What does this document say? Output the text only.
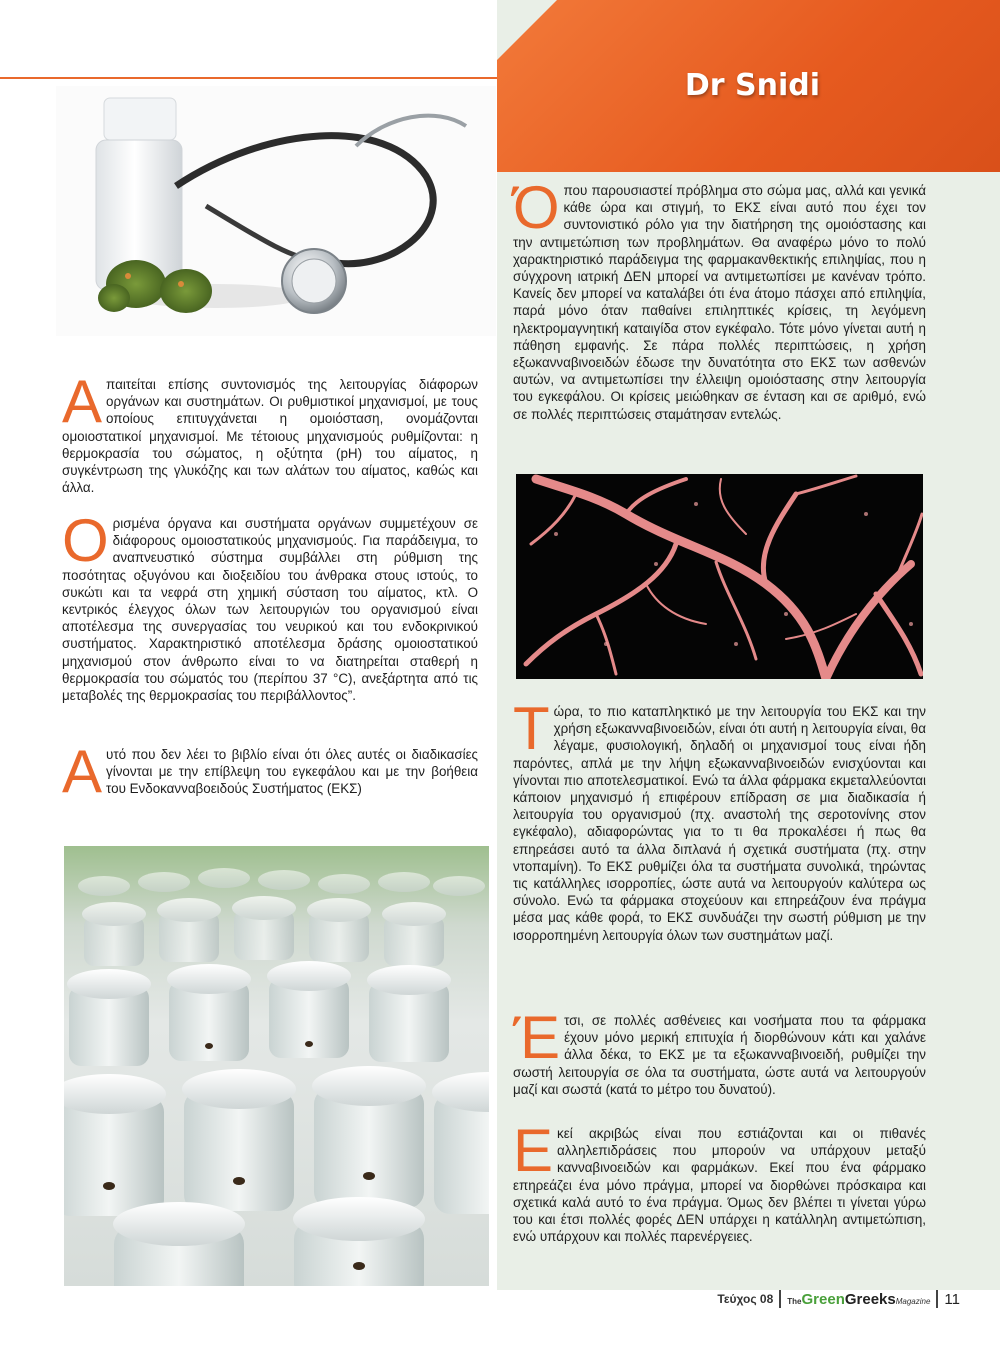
Dr Snidi
Απαιτείται επίσης συντονισμός της λειτουργίας διάφορων οργάνων και συστημάτων. Οι ρυθμιστικοί μηχανισμοί, με τους οποίους επιτυγχάνεται η ομοιόσταση, ονομάζονται ομοιοστατικοί μηχανισμοί. Με τέτοιους μηχανισμούς ρυθμίζονται: η θερμοκρασία του σώματος, η οξύτητα (pH) του αίματος, η συγκέντρωση της γλυκόζης και των αλάτων του αίματος, καθώς και άλλα.
Ορισμένα όργανα και συστήματα οργάνων συμμετέχουν σε διάφορους ομοιοστατικούς μηχανισμούς. Για παράδειγμα, το αναπνευστικό σύστημα συμβάλλει στη ρύθμιση της ποσότητας οξυγόνου και διοξειδίου του άνθρακα στους ιστούς, το συκώτι και τα νεφρά στη χημική σύσταση του αίματος, κτλ. Ο κεντρικός έλεγχος όλων των λειτουργιών του οργανισμού είναι αποτέλεσμα της συνεργασίας του νευρικού και του ενδοκρινικού συστήματος. Χαρακτηριστικό αποτέλεσμα δράσης ομοιοστατικού μηχανισμού στον άνθρωπο είναι το να διατηρείται σταθερή η θερμοκρασία του σώματός του (περίπου 37 °C), ανεξάρτητα από τις μεταβολές της θερμοκρασίας του περιβάλλοντος”.
Αυτό που δεν λέει το βιβλίο είναι ότι όλες αυτές οι διαδικασίες γίνονται με την επίβλεψη του εγκεφάλου και με την βοήθεια του Ενδοκανναβοειδούς Συστήματος (ΕΚΣ)
Όπου παρουσιαστεί πρόβλημα στο σώμα μας, αλλά και γενικά κάθε ώρα και στιγμή, το ΕΚΣ είναι αυτό που έχει τον συντονιστικό ρόλο για την διατήρηση της ομοιόστασης και την αντιμετώπιση των προβλημάτων. Θα αναφέρω μόνο το πολύ χαρακτηριστικό παράδειγμα της φαρμακανθεκτικής επιληψίας, που η σύγχρονη ιατρική ΔΕΝ μπορεί να αντιμετωπίσει με κανέναν τρόπο. Κανείς δεν μπορεί να καταλάβει ότι ένα άτομο πάσχει από επιληψία, παρά μόνο όταν παθαίνει επιληπτικές κρίσεις, τη λεγόμενη ηλεκτρομαγνητική καταιγίδα στον εγκέφαλο. Τότε μόνο γίνεται αυτή η πάθηση εμφανής. Σε πάρα πολλές περιπτώσεις, η χρήση εξωκανναβινοειδών έδωσε την δυνατότητα στο ΕΚΣ των ασθενών αυτών, να αντιμετωπίσει την έλλειψη ομοιόστασης στην λειτουργία του εγκεφάλου. Οι κρίσεις μειώθηκαν σε ένταση και σε αριθμό, ενώ σε πολλές περιπτώσεις σταμάτησαν εντελώς.
Τώρα, το πιο καταπληκτικό με την λειτουργία του ΕΚΣ και την χρήση εξωκανναβινοειδών, είναι ότι αυτή η λειτουργία είναι, θα λέγαμε, φυσιολογική, δηλαδή οι μηχανισμοί τους είναι ήδη παρόντες, απλά με την λήψη εξωκανναβινοειδών ενισχύονται και γίνονται πιο αποτελεσματικοί. Ενώ τα άλλα φάρμακα εκμεταλλεύονται κάποιον μηχανισμό ή επιφέρουν επίδραση σε μια διαδικασία ή λειτουργία του οργανισμού (πχ. αναστολή της σεροτονίνης στον εγκέφαλο), αδιαφορώντας για το τι θα προκαλέσει ή πως θα επηρεάσει αυτό τα άλλα διπλανά ή σχετικά συστήματα (πχ. στην ντοπαμίνη). Το ΕΚΣ ρυθμίζει όλα τα συστήματα συνολικά, τηρώντας τις κατάλληλες ισορροπίες, ώστε αυτά να λειτουργούν καλύτερα ως σύνολο. Ενώ τα φάρμακα στοχεύουν και επηρεάζουν ένα πράγμα μέσα μας κάθε φορά, το ΕΚΣ συνδυάζει την σωστή ρύθμιση με την ισορροπημένη λειτουργία όλων των συστημάτων μαζί.
Έτσι, σε πολλές ασθένειες και νοσήματα που τα φάρμακα έχουν μόνο μερική επιτυχία ή διορθώνουν κάτι και χαλάνε άλλα δέκα, το ΕΚΣ με τα εξωκανναβινοειδή, ρυθμίζει την σωστή λειτουργία σε όλα τα συστήματα, ώστε αυτά να λειτουργούν μαζί και σωστά (κατά το μέτρο του δυνατού).
Εκεί ακριβώς είναι που εστιάζονται και οι πιθανές αλληλεπιδράσεις που μπορούν να υπάρχουν μεταξύ κανναβινοειδών και φαρμάκων. Εκεί που ένα φάρμακο επηρεάζει ένα μόνο πράγμα, μπορεί να διορθώνει πρόσκαιρα και σχετικά καλά αυτό το ένα πράγμα. Όμως δεν βλέπει τι γίνεται γύρω του και έτσι πολλές φορές ΔΕΝ υπάρχει η κατάλληλη αντιμετώπιση, ενώ υπάρχουν και πολλές παρενέργειες.
Τεύχος 08 TheGreenGreeksMagazine 11
